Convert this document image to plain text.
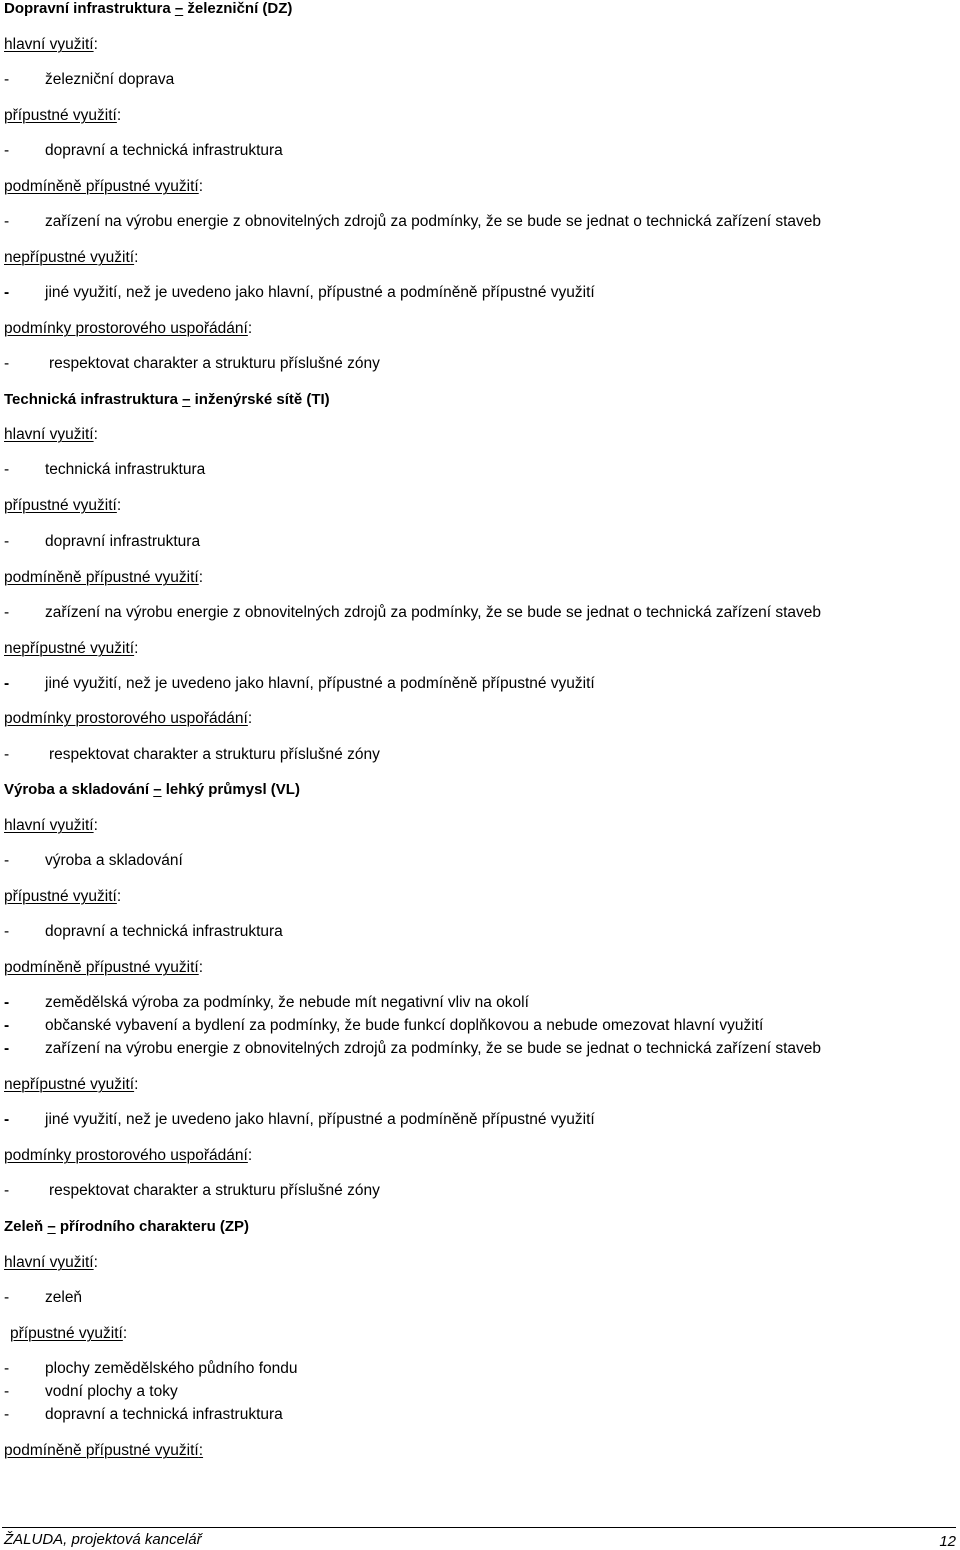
Dopravní infrastruktura – železniční (DZ)
hlavní využití:
- železniční doprava
přípustné využití:
- dopravní a technická infrastruktura
podmíněně přípustné využití:
- zařízení na výrobu energie z obnovitelných zdrojů za podmínky, že se bude se jednat o technická zařízení staveb
nepřípustné využití:
- jiné využití, než je uvedeno jako hlavní, přípustné a podmíněně přípustné využití
podmínky prostorového uspořádání:
-	respektovat charakter a strukturu příslušné zóny
Technická infrastruktura – inženýrské sítě (TI)
hlavní využití:
- technická infrastruktura
přípustné využití:
- dopravní infrastruktura
podmíněně přípustné využití:
- zařízení na výrobu energie z obnovitelných zdrojů za podmínky, že se bude se jednat o technická zařízení staveb
nepřípustné využití:
- jiné využití, než je uvedeno jako hlavní, přípustné a podmíněně přípustné využití
podmínky prostorového uspořádání:
-	respektovat charakter a strukturu příslušné zóny
Výroba a skladování – lehký průmysl (VL)
hlavní využití:
- výroba a skladování
přípustné využití:
- dopravní a technická infrastruktura
podmíněně přípustné využití:
- zemědělská výroba za podmínky, že nebude mít negativní vliv na okolí
- občanské vybavení a bydlení za podmínky, že bude funkcí doplňkovou a nebude omezovat hlavní využití
- zařízení na výrobu energie z obnovitelných zdrojů za podmínky, že se bude se jednat o technická zařízení staveb
nepřípustné využití:
- jiné využití, než je uvedeno jako hlavní, přípustné a podmíněně přípustné využití
podmínky prostorového uspořádání:
-	respektovat charakter a strukturu příslušné zóny
Zeleň – přírodního charakteru (ZP)
hlavní využití:
- zeleň
přípustné využití:
- plochy zemědělského půdního fondu
- vodní plochy a toky
- dopravní a technická infrastruktura
podmíněně přípustné využití:
ŽALUDA, projektová kancelář	12
